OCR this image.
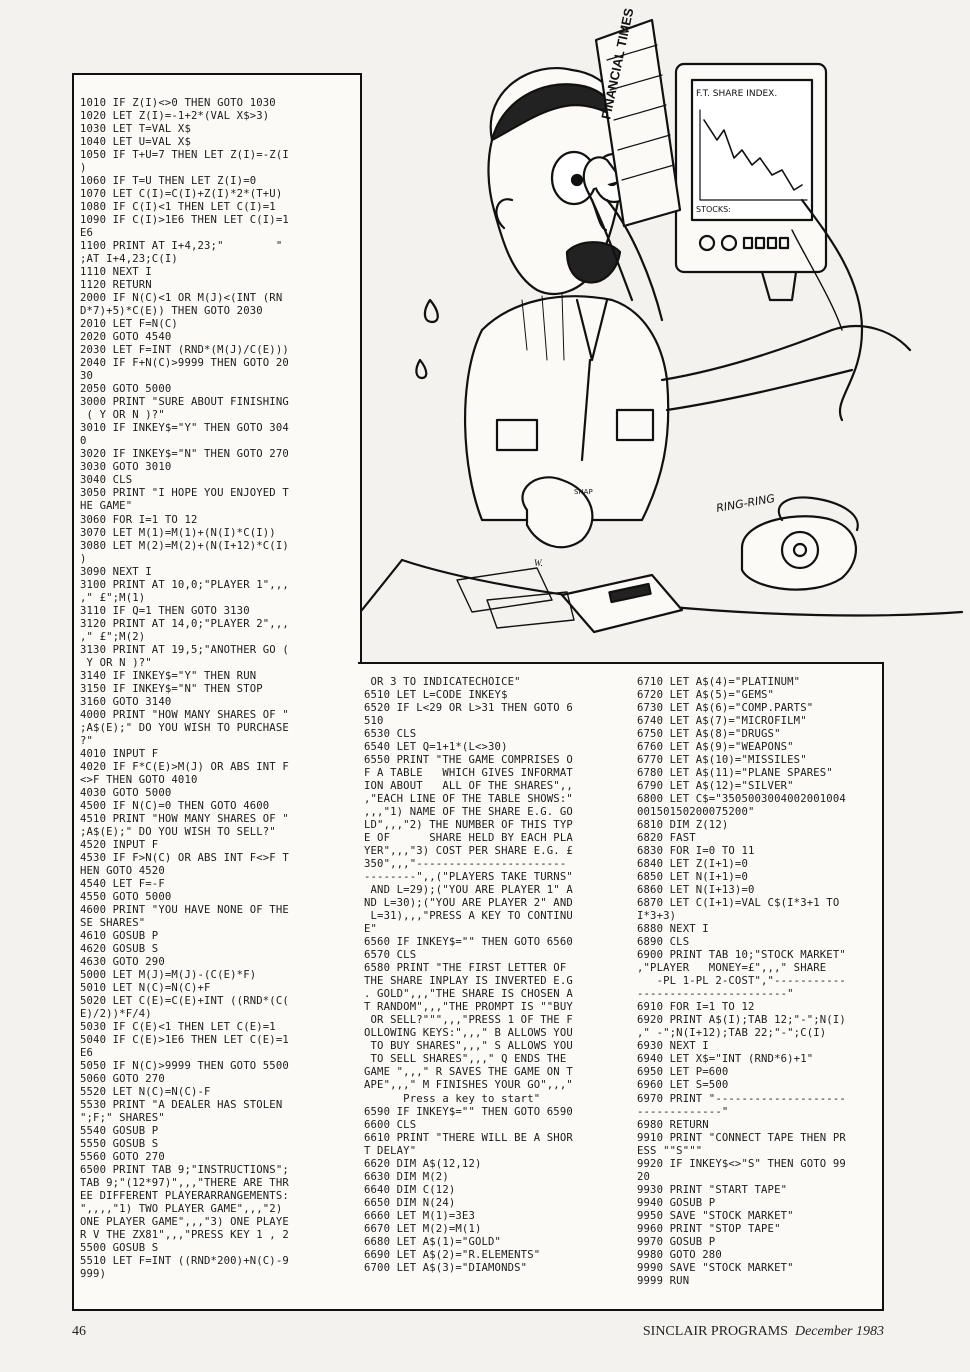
1010 IF Z(I)<>0 THEN GOTO 1030
1020 LET Z(I)=-1+2*(VAL X$>3)
1030 LET T=VAL X$
1040 LET U=VAL X$
1050 IF T+U=7 THEN LET Z(I)=-Z(I
)
1060 IF T=U THEN LET Z(I)=0
1070 LET C(I)=C(I)+Z(I)*2*(T+U)
1080 IF C(I)<1 THEN LET C(I)=1
1090 IF C(I)>1E6 THEN LET C(I)=1
E6
1100 PRINT AT I+4,23;"        "
;AT I+4,23;C(I)
1110 NEXT I
1120 RETURN
2000 IF N(C)<1 OR M(J)<(INT (RN
D*7)+5)*C(E)) THEN GOTO 2030
2010 LET F=N(C)
2020 GOTO 4540
2030 LET F=INT (RND*(M(J)/C(E)))
2040 IF F+N(C)>9999 THEN GOTO 20
30
2050 GOTO 5000
3000 PRINT "SURE ABOUT FINISHING
( Y OR N )?"
3010 IF INKEY$="Y" THEN GOTO 304
0
3020 IF INKEY$="N" THEN GOTO 270
3030 GOTO 3010
3040 CLS
3050 PRINT "I HOPE YOU ENJOYED T
HE GAME"
3060 FOR I=1 TO 12
3070 LET M(1)=M(1)+(N(I)*C(I))
3080 LET M(2)=M(2)+(N(I+12)*C(I)
)
3090 NEXT I
3100 PRINT AT 10,0;"PLAYER 1",,,
," £";M(1)
3110 IF Q=1 THEN GOTO 3130
3120 PRINT AT 14,0;"PLAYER 2",,,
," £";M(2)
3130 PRINT AT 19,5;"ANOTHER GO (
Y OR N )?"
3140 IF INKEY$="Y" THEN RUN
3150 IF INKEY$="N" THEN STOP
3160 GOTO 3140
4000 PRINT "HOW MANY SHARES OF "
;A$(E);" DO YOU WISH TO PURCHASE
?"
4010 INPUT F
4020 IF F*C(E)>M(J) OR ABS INT F
<>F THEN GOTO 4010
4030 GOTO 5000
4500 IF N(C)=0 THEN GOTO 4600
4510 PRINT "HOW MANY SHARES OF "
;A$(E);" DO YOU WISH TO SELL?"
4520 INPUT F
4530 IF F>N(C) OR ABS INT F<>F T
HEN GOTO 4520
4540 LET F=-F
4550 GOTO 5000
4600 PRINT "YOU HAVE NONE OF THE
SE SHARES"
4610 GOSUB P
4620 GOSUB S
4630 GOTO 290
5000 LET M(J)=M(J)-(C(E)*F)
5010 LET N(C)=N(C)+F
5020 LET C(E)=C(E)+INT ((RND*(C(
E)/2))*F/4)
5030 IF C(E)<1 THEN LET C(E)=1
5040 IF C(E)>1E6 THEN LET C(E)=1
E6
5050 IF N(C)>9999 THEN GOTO 5500
5060 GOTO 270
5520 LET N(C)=N(C)-F
5530 PRINT "A DEALER HAS STOLEN
";F;" SHARES"
5540 GOSUB P
5550 GOSUB S
5560 GOTO 270
6500 PRINT TAB 9;"INSTRUCTIONS";
TAB 9;"(12*97)",,,"THERE ARE THR
EE DIFFERENT PLAYERARRANGEMENTS:
",,,,"1) TWO PLAYER GAME",,,"2)
ONE PLAYER GAME",,,"3) ONE PLAYE
R V THE ZX81",,,"PRESS KEY 1 , 2
5500 GOSUB S
5510 LET F=INT ((RND*200)+N(C)-9
999)
OR 3 TO INDICATECHOICE"
6510 LET L=CODE INKEY$
6520 IF L<29 OR L>31 THEN GOTO 6
510
6530 CLS
6540 LET Q=1+1*(L<>30)
6550 PRINT "THE GAME COMPRISES O
F A TABLE   WHICH GIVES INFORMAT
ION ABOUT   ALL OF THE SHARES",,
,"EACH LINE OF THE TABLE SHOWS:"
,,,"1) NAME OF THE SHARE E.G. GO
LD",,,"2) THE NUMBER OF THIS TYP
E OF      SHARE HELD BY EACH PLA
YER",,,"3) COST PER SHARE E.G. £
350",,,"-----------------------
--------",,("PLAYERS TAKE TURNS"
AND L=29);("YOU ARE PLAYER 1" A
ND L=30);("YOU ARE PLAYER 2" AND
L=31),,,"PRESS A KEY TO CONTINU
E"
6560 IF INKEY$="" THEN GOTO 6560
6570 CLS
6580 PRINT "THE FIRST LETTER OF
THE SHARE INPLAY IS INVERTED E.G
. GOLD",,,"THE SHARE IS CHOSEN A
T RANDOM",,,"THE PROMPT IS ""BUY
OR SELL?""",,,"PRESS 1 OF THE F
OLLOWING KEYS:",,," B ALLOWS YOU
TO BUY SHARES",,," S ALLOWS YOU
TO SELL SHARES",,," Q ENDS THE
GAME ",,," R SAVES THE GAME ON T
APE",,," M FINISHES YOUR GO",,,"
Press a key to start"
6590 IF INKEY$="" THEN GOTO 6590
6600 CLS
6610 PRINT "THERE WILL BE A SHOR
T DELAY"
6620 DIM A$(12,12)
6630 DIM M(2)
6640 DIM C(12)
6650 DIM N(24)
6660 LET M(1)=3E3
6670 LET M(2)=M(1)
6680 LET A$(1)="GOLD"
6690 LET A$(2)="R.ELEMENTS"
6700 LET A$(3)="DIAMONDS"
6710 LET A$(4)="PLATINUM"
6720 LET A$(5)="GEMS"
6730 LET A$(6)="COMP.PARTS"
6740 LET A$(7)="MICROFILM"
6750 LET A$(8)="DRUGS"
6760 LET A$(9)="WEAPONS"
6770 LET A$(10)="MISSILES"
6780 LET A$(11)="PLANE SPARES"
6790 LET A$(12)="SILVER"
6800 LET C$="3505003004002001004
00150150200075200"
6810 DIM Z(12)
6820 FAST
6830 FOR I=0 TO 11
6840 LET Z(I+1)=0
6850 LET N(I+1)=0
6860 LET N(I+13)=0
6870 LET C(I+1)=VAL C$(I*3+1 TO
I*3+3)
6880 NEXT I
6890 CLS
6900 PRINT TAB 10;"STOCK MARKET"
,"PLAYER   MONEY=£",,," SHARE
-PL 1-PL 2-COST","-----------
-----------------------"
6910 FOR I=1 TO 12
6920 PRINT A$(I);TAB 12;"-";N(I)
," -";N(I+12);TAB 22;"-";C(I)
6930 NEXT I
6940 LET X$="INT (RND*6)+1"
6950 LET P=600
6960 LET S=500
6970 PRINT "--------------------
-------------"
6980 RETURN
9910 PRINT "CONNECT TAPE THEN PR
ESS ""S"""
9920 IF INKEY$<>"S" THEN GOTO 99
20
9930 PRINT "START TAPE"
9940 GOSUB P
9950 SAVE "STOCK MARKET"
9960 PRINT "STOP TAPE"
9970 GOSUB P
9980 GOTO 280
9990 SAVE "STOCK MARKET"
9999 RUN
FINANCIAL TIMES	F.T. SHARE INDEX.
STOCKS:
RING-RING
SNAP
W.
46	SINCLAIR PROGRAMS December 1983
